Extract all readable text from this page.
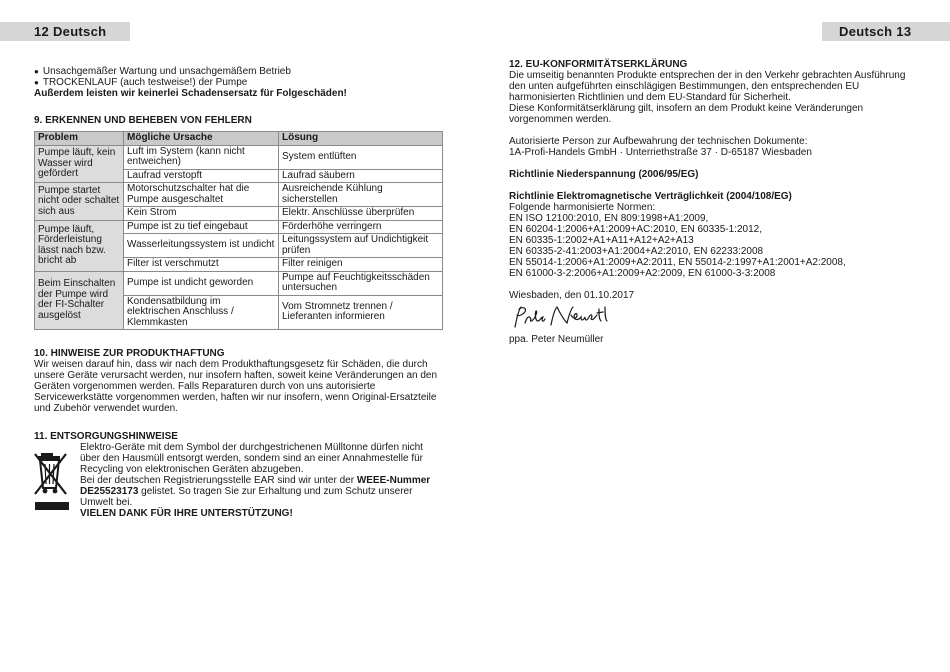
12 Deutsch	Deutsch 13

● Unsachgemäßer Wartung und unsachgemäßem Betrieb

● TROCKENLAUF (auch testweise!) der Pumpe

Außerdem leisten wir keinerlei Schadensersatz für Folgeschäden!

9. ERKENNEN UND BEHEBEN VON FEHLERN

Problem	Mögliche Ursache	Lösung
Pumpe läuft, kein Wasser wird gefördert	Luft im System (kann nicht entweichen)	System entlüften
	Laufrad verstopft	Laufrad säubern
Pumpe startet nicht oder schaltet sich aus	Motorschutzschalter hat die Pumpe ausgeschaltet	Ausreichende Kühlung sicherstellen
	Kein Strom	Elektr. Anschlüsse überprüfen
Pumpe läuft, Förderleistung lässt nach bzw. bricht ab	Pumpe ist zu tief eingebaut	Förderhöhe verringern
	Wasserleitungssystem ist undicht	Leitungssystem auf Undichtigkeit prüfen
	Filter ist verschmutzt	Filter reinigen
Beim Einschalten der Pumpe wird der FI-Schalter ausgelöst	Pumpe ist undicht geworden	Pumpe auf Feuchtigkeitsschäden untersuchen
	Kondensatbildung im elektrischen Anschluss / Klemmkasten	Vom Stromnetz trennen / Lieferanten informieren

10. HINWEISE ZUR PRODUKTHAFTUNG

Wir weisen darauf hin, dass wir nach dem Produkthaftungsgesetz für Schäden, die durch unsere Geräte verursacht werden, nur insofern haften, soweit keine Veränderungen an den Geräten vorgenommen werden. Falls Reparaturen durch von uns autorisierte Servicewerkstätte vorgenommen werden, haften wir nur insofern, wenn Original-Ersatzteile und Zubehör verwendet wurden.

11. ENTSORGUNGSHINWEISE

Elektro-Geräte mit dem Symbol der durchgestrichenen Mülltonne dürfen nicht über den Hausmüll entsorgt werden, sondern sind an einer Annahmestelle für Recycling von elektronischen Geräten abzugeben.

Bei der deutschen Registrierungsstelle EAR sind wir unter der WEEE-Nummer DE25523173 gelistet. So tragen Sie zur Erhaltung und zum Schutz unserer Umwelt bei.

VIELEN DANK FÜR IHRE UNTERSTÜTZUNG!

12. EU-KONFORMITÄTSERKLÄRUNG

Die umseitig benannten Produkte entsprechen der in den Verkehr gebrachten Ausführung den unten aufgeführten einschlägigen Bestimmungen, den entsprechenden EU harmonisierten Richtlinien und dem EU-Standard für Sicherheit.

Diese Konformitätserklärung gilt, insofern an dem Produkt keine Veränderungen vorgenommen werden.

Autorisierte Person zur Aufbewahrung der technischen Dokumente:

1A-Profi-Handels GmbH · Unterriethstraße 37 · D-65187 Wiesbaden

Richtlinie Niederspannung (2006/95/EG)

Richtlinie Elektromagnetische Verträglichkeit (2004/108/EG)

Folgende harmonisierte Normen:

EN ISO 12100:2010, EN 809:1998+A1:2009,

EN 60204-1:2006+A1:2009+AC:2010, EN 60335-1:2012,

EN 60335-1:2002+A1+A11+A12+A2+A13

EN 60335-2-41:2003+A1:2004+A2:2010, EN 62233:2008

EN 55014-1:2006+A1:2009+A2:2011, EN 55014-2:1997+A1:2001+A2:2008,

EN 61000-3-2:2006+A1:2009+A2:2009, EN 61000-3-3:2008

Wiesbaden, den 01.10.2017

ppa. Peter Neumüller
